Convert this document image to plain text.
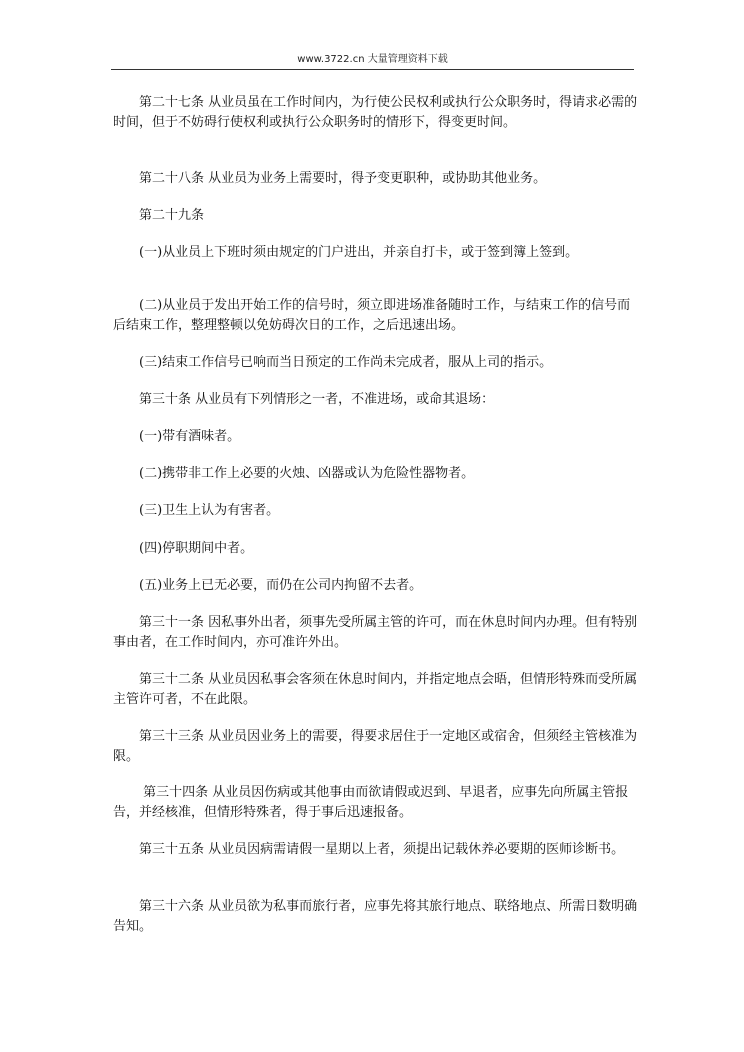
www.3722.cn 大量管理资料下载

　　第二十七条 从业员虽在工作时间内，为行使公民权利或执行公众职务时，得请求必需的时间，但于不妨碍行使权利或执行公众职务时的情形下，得变更时间。

　　第二十八条 从业员为业务上需要时，得予变更职种，或协助其他业务。

　　第二十九条

　　(一)从业员上下班时须由规定的门户进出，并亲自打卡，或于签到簿上签到。

　　(二)从业员于发出开始工作的信号时，须立即进场准备随时工作，与结束工作的信号而后结束工作，整理整顿以免妨碍次日的工作，之后迅速出场。

　　(三)结束工作信号已响而当日预定的工作尚未完成者，服从上司的指示。

　　第三十条 从业员有下列情形之一者，不准进场，或命其退场：

　　(一)带有酒味者。

　　(二)携带非工作上必要的火烛、凶器或认为危险性器物者。

　　(三)卫生上认为有害者。

　　(四)停职期间中者。

　　(五)业务上已无必要，而仍在公司内拘留不去者。

　　第三十一条 因私事外出者，须事先受所属主管的许可，而在休息时间内办理。但有特别事由者，在工作时间内，亦可准许外出。

　　第三十二条 从业员因私事会客须在休息时间内，并指定地点会晤，但情形特殊而受所属主管许可者，不在此限。

　　第三十三条 从业员因业务上的需要，得要求居住于一定地区或宿舍，但须经主管核准为限。

　　 第三十四条 从业员因伤病或其他事由而欲请假或迟到、早退者，应事先向所属主管报告，并经核准，但情形特殊者，得于事后迅速报备。

　　第三十五条 从业员因病需请假一星期以上者，须提出记载休养必要期的医师诊断书。

　　第三十六条 从业员欲为私事而旅行者，应事先将其旅行地点、联络地点、所需日数明确告知。
